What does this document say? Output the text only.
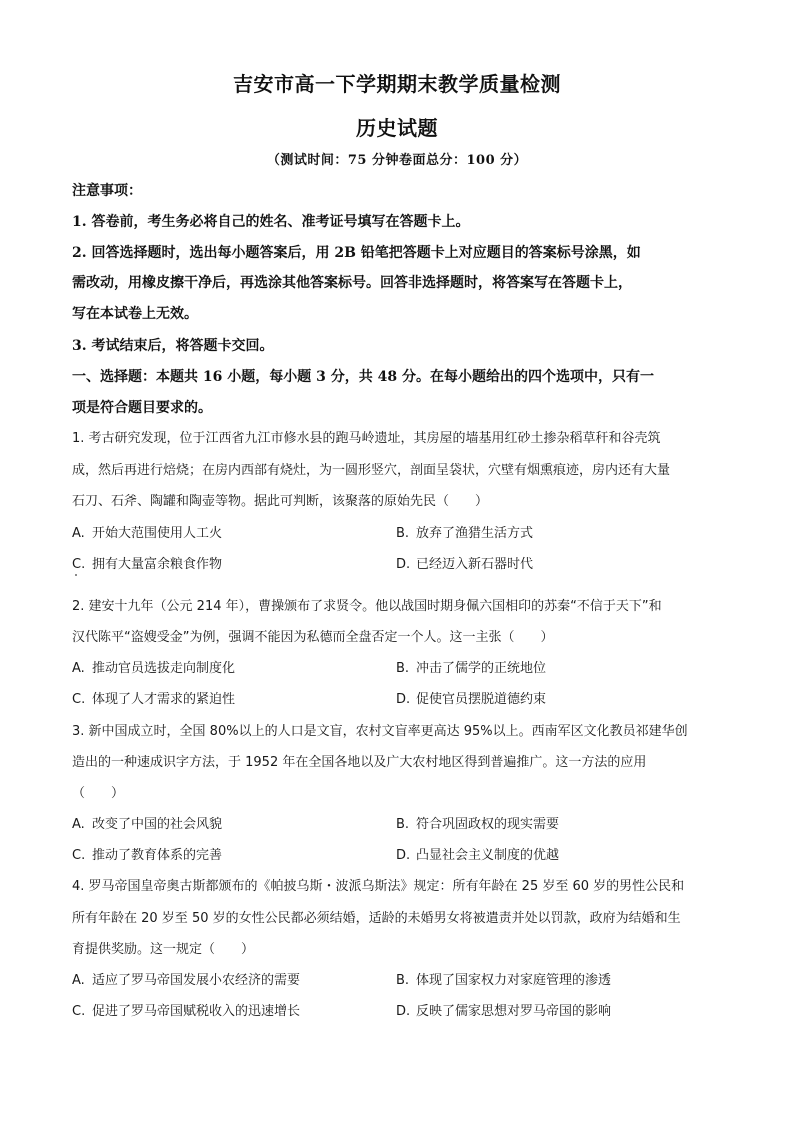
吉安市高一下学期期末教学质量检测
历史试题
（测试时间：75 分钟卷面总分：100 分）
注意事项：
1. 答卷前，考生务必将自己的姓名、准考证号填写在答题卡上。
2. 回答选择题时，选出每小题答案后，用 2B 铅笔把答题卡上对应题目的答案标号涂黑，如
需改动，用橡皮擦干净后，再选涂其他答案标号。回答非选择题时，将答案写在答题卡上，
写在本试卷上无效。
3. 考试结束后，将答题卡交回。
一、选择题：本题共 16 小题，每小题 3 分，共 48 分。在每小题给出的四个选项中，只有一
项是符合题目要求的。
1. 考古研究发现，位于江西省九江市修水县的跑马岭遗址，其房屋的墙基用红砂土掺杂稻草秆和谷壳筑
成，然后再进行焙烧；在房内西部有烧灶，为一圆形竖穴，剖面呈袋状，穴壁有烟熏痕迹，房内还有大量
石刀、石斧、陶罐和陶壶等物。据此可判断，该聚落的原始先民（　　）
A. 开始大范围使用人工火	B. 放弃了渔猎生活方式
C. 拥有大量富余粮食作物	D. 已经迈入新石器时代
2. 建安十九年（公元 214 年），曹操颁布了求贤令。他以战国时期身佩六国相印的苏秦“不信于天下”和
汉代陈平“盗嫂受金”为例，强调不能因为私德而全盘否定一个人。这一主张（　　）
A. 推动官员选拔走向制度化	B. 冲击了儒学的正统地位
C. 体现了人才需求的紧迫性	D. 促使官员摆脱道德约束
3. 新中国成立时，全国 80%以上的人口是文盲，农村文盲率更高达 95%以上。西南军区文化教员祁建华创
造出的一种速成识字方法，于 1952 年在全国各地以及广大农村地区得到普遍推广。这一方法的应用
（　　）
A. 改变了中国的社会风貌	B. 符合巩固政权的现实需要
C. 推动了教育体系的完善	D. 凸显社会主义制度的优越
4. 罗马帝国皇帝奥古斯都颁布的《帕披乌斯・波派乌斯法》规定：所有年龄在 25 岁至 60 岁的男性公民和
所有年龄在 20 岁至 50 岁的女性公民都必须结婚，适龄的未婚男女将被遣责并处以罚款，政府为结婚和生
育提供奖励。这一规定（　　）
A. 适应了罗马帝国发展小农经济的需要	B. 体现了国家权力对家庭管理的渗透
C. 促进了罗马帝国赋税收入的迅速增长	D. 反映了儒家思想对罗马帝国的影响
